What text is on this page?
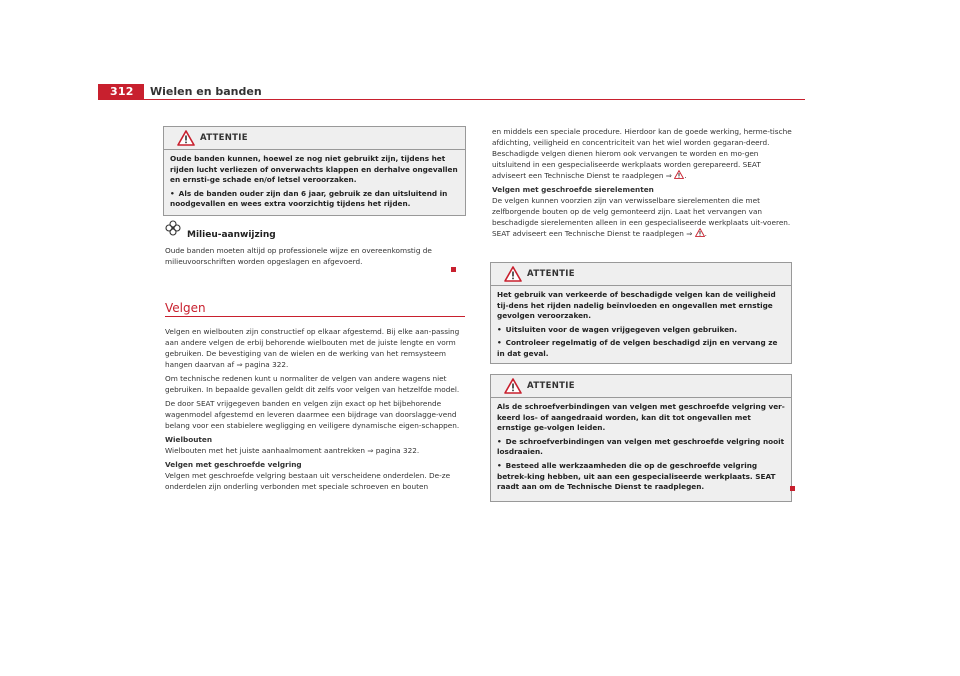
312 Wielen en banden
ATTENTIE

Oude banden kunnen, hoewel ze nog niet gebruikt zijn, tijdens het rijden lucht verliezen of onverwachts klappen en derhalve ongevallen en ernsti-ge schade en/of letsel veroorzaken.

• Als de banden ouder zijn dan 6 jaar, gebruik ze dan uitsluitend in noodgevallen en wees extra voorzichtig tijdens het rijden.

Milieu-aanwijzing

Oude banden moeten altijd op professionele wijze en overeenkomstig de milieuvoorschriften worden opgeslagen en afgevoerd.

Velgen

Velgen en wielbouten zijn constructief op elkaar afgestemd. Bij elke aan-passing aan andere velgen de erbij behorende wielbouten met de juiste lengte en vorm gebruiken. De bevestiging van de wielen en de werking van het remsysteem hangen daarvan af ⇒ pagina 322.

Om technische redenen kunt u normaliter de velgen van andere wagens niet gebruiken. In bepaalde gevallen geldt dit zelfs voor velgen van hetzelfde model.

De door SEAT vrijgegeven banden en velgen zijn exact op het bijbehorende wagenmodel afgestemd en leveren daarmee een bijdrage van doorslagge-vend belang voor een stabielere wegligging en veiligere dynamische eigen-schappen.

Wielbouten

Wielbouten met het juiste aanhaalmoment aantrekken ⇒ pagina 322.

Velgen met geschroefde velgring

Velgen met geschroefde velgring bestaan uit verscheidene onderdelen. De-ze onderdelen zijn onderling verbonden met speciale schroeven en bouten

en middels een speciale procedure. Hierdoor kan de goede werking, herme-tische afdichting, veiligheid en concentriciteit van het wiel worden gegaran-deerd. Beschadigde velgen dienen hierom ook vervangen te worden en mo-gen uitsluitend in een gespecialiseerde werkplaats worden gerepareerd. SEAT adviseert een Technische Dienst te raadplegen ⇒ .

Velgen met geschroefde sierelementen

De velgen kunnen voorzien zijn van verwisselbare sierelementen die met zelfborgende bouten op de velg gemonteerd zijn. Laat het vervangen van beschadigde sierelementen alleen in een gespecialiseerde werkplaats uit-voeren. SEAT adviseert een Technische Dienst te raadplegen ⇒ .

ATTENTIE

Het gebruik van verkeerde of beschadigde velgen kan de veiligheid tij-dens het rijden nadelig beïnvloeden en ongevallen met ernstige gevolgen veroorzaken.

• Uitsluiten voor de wagen vrijgegeven velgen gebruiken.

• Controleer regelmatig of de velgen beschadigd zijn en vervang ze in dat geval.

ATTENTIE

Als de schroefverbindingen van velgen met geschroefde velgring ver-keerd los- of aangedraaid worden, kan dit tot ongevallen met ernstige ge-volgen leiden.

• De schroefverbindingen van velgen met geschroefde velgring nooit losdraaien.

• Besteed alle werkzaamheden die op de geschroefde velgring betrek-king hebben, uit aan een gespecialiseerde werkplaats. SEAT raadt aan om de Technische Dienst te raadplegen.
